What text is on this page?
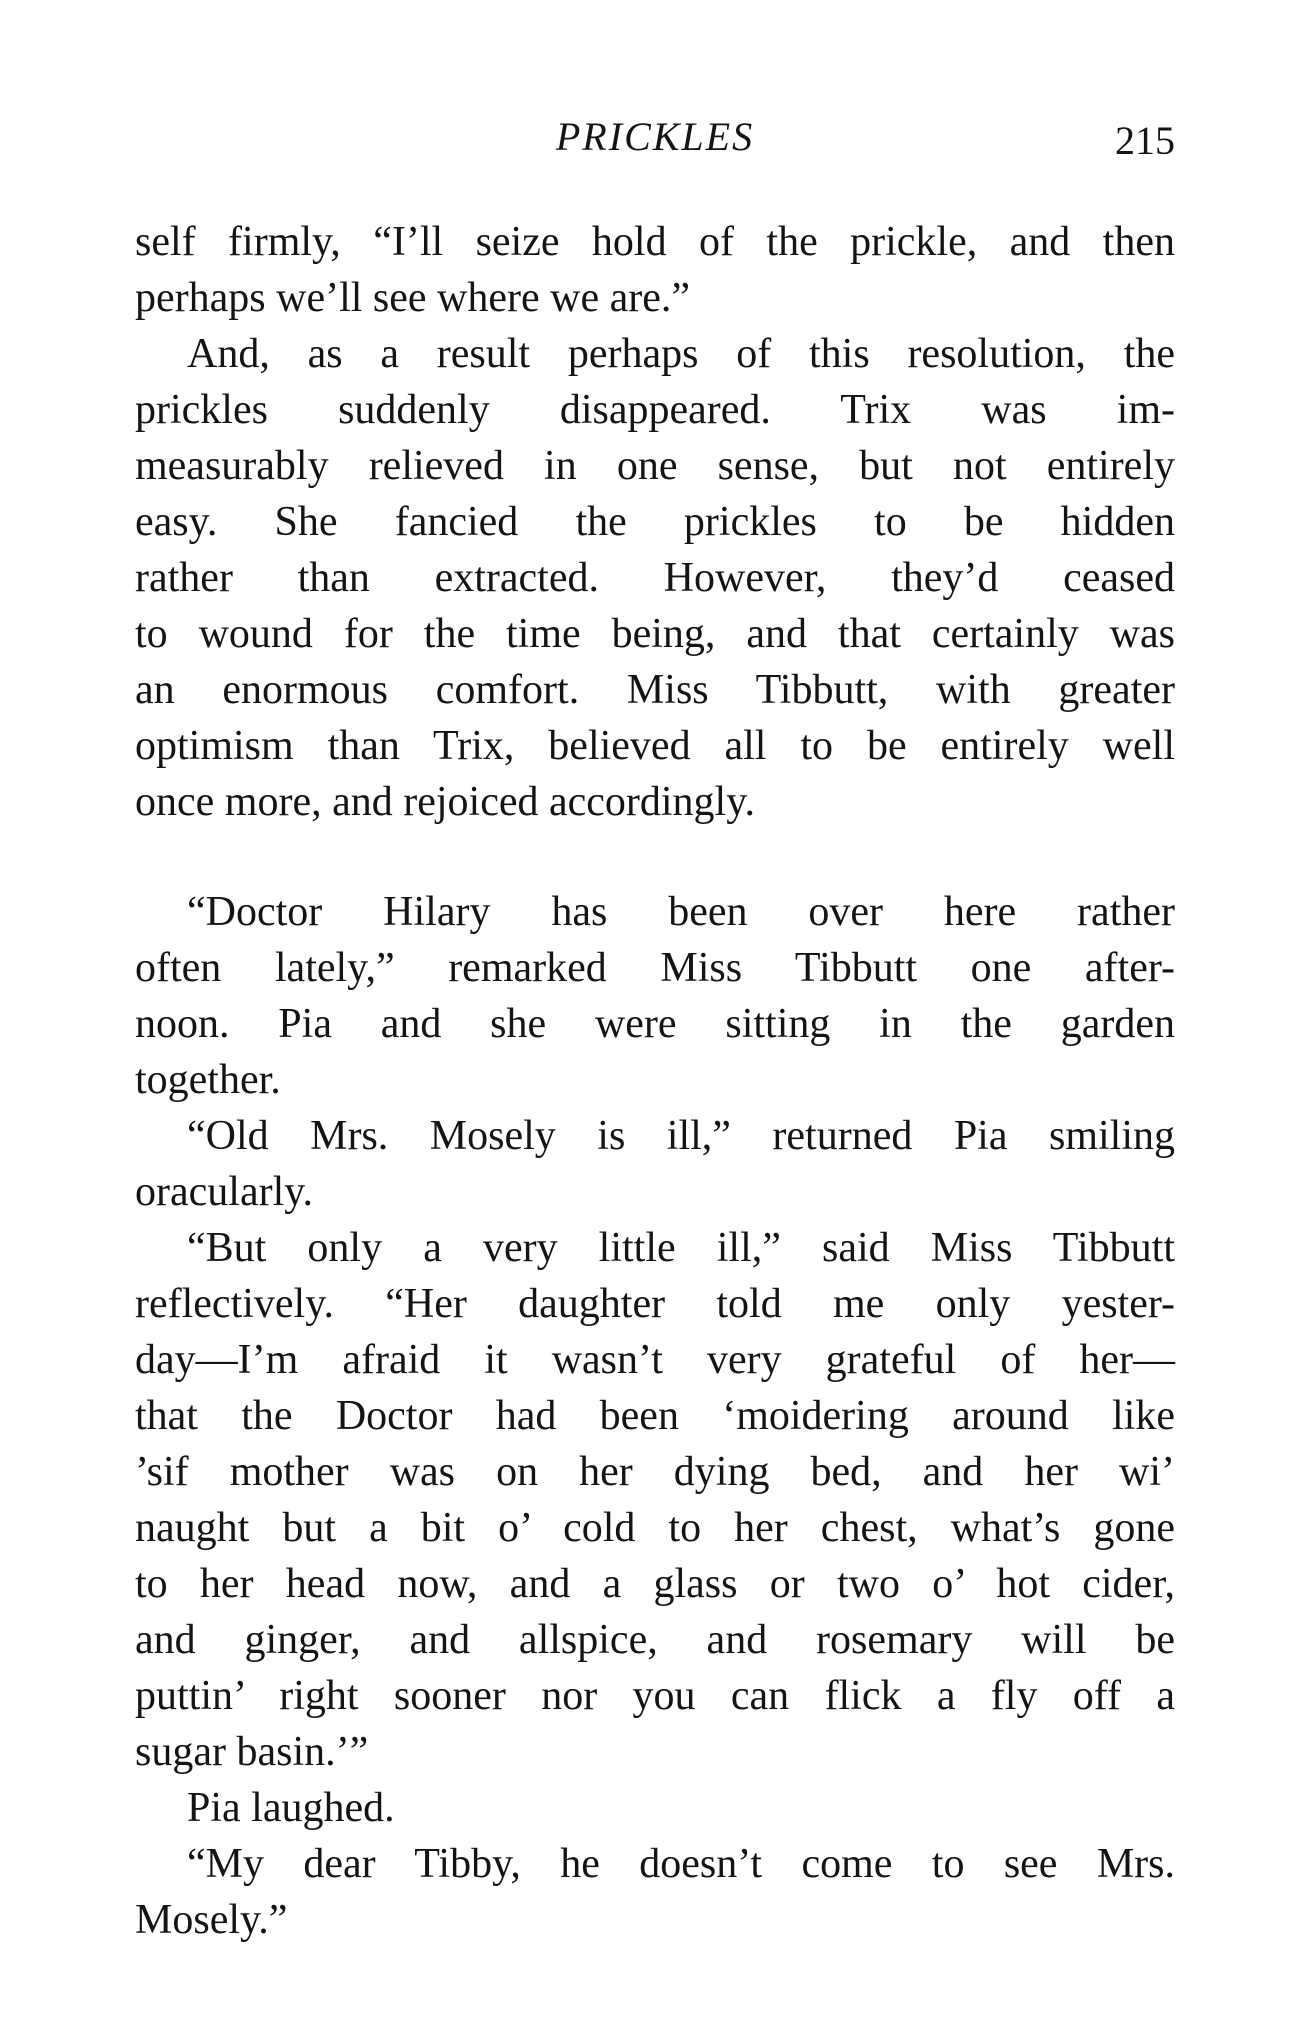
PRICKLES	215
self firmly, “I’ll seize hold of the prickle, and then
perhaps we’ll see where we are.”
And, as a result perhaps of this resolution, the
prickles suddenly disappeared. Trix was im-
measurably relieved in one sense, but not entirely
easy. She fancied the prickles to be hidden
rather than extracted. However, they’d ceased
to wound for the time being, and that certainly was
an enormous comfort. Miss Tibbutt, with greater
optimism than Trix, believed all to be entirely well
once more, and rejoiced accordingly.
“Doctor Hilary has been over here rather
often lately,” remarked Miss Tibbutt one after-
noon. Pia and she were sitting in the garden
together.
“Old Mrs. Mosely is ill,” returned Pia smiling
oracularly.
“But only a very little ill,” said Miss Tibbutt
reflectively. “Her daughter told me only yester-
day—I’m afraid it wasn’t very grateful of her—
that the Doctor had been ‘moidering around like
’sif mother was on her dying bed, and her wi’
naught but a bit o’ cold to her chest, what’s gone
to her head now, and a glass or two o’ hot cider,
and ginger, and allspice, and rosemary will be
puttin’ right sooner nor you can flick a fly off a
sugar basin.’”
Pia laughed.
“My dear Tibby, he doesn’t come to see Mrs.
Mosely.”
